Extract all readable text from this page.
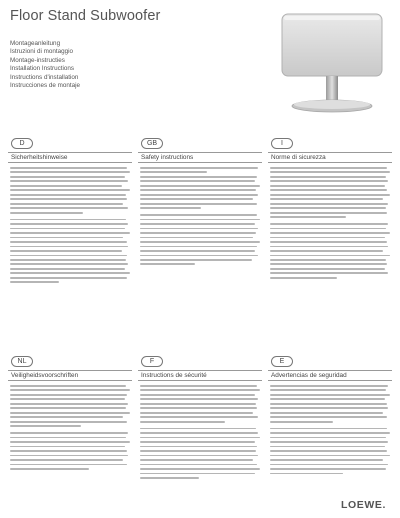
Floor Stand Subwoofer
Montageanleitung
Istruzioni di montaggio
Montage-instructies
Installation Instructions
Instructions d'installation
Instrucciones de montaje
D
Sicherheitshinweise
GB
Safety instructions
I
Norme di sicurezza
NL
Veiligheidsvoorschriften
F
Instructions de sécurité
E
Advertencias de seguridad
LOEWE.
